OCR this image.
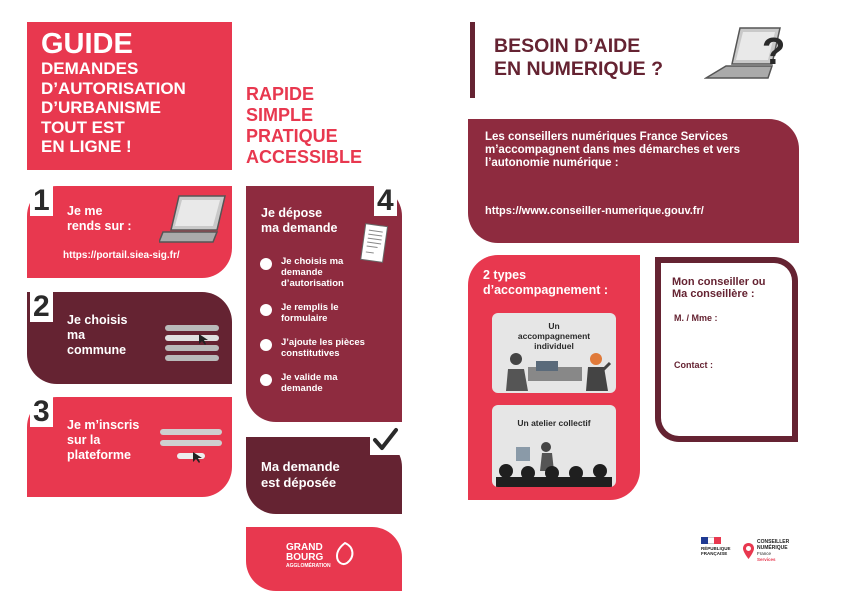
GUIDE
DEMANDES
D’AUTORISATION
D’URBANISME
TOUT EST
EN LIGNE !
RAPIDE
SIMPLE
PRATIQUE
ACCESSIBLE
Je me
rends sur :
https://portail.siea-sig.fr/
1
Je choisis
ma
commune
2
Je m’inscris
sur la
plateforme
3
Je dépose
ma demande
Je choisis ma
demande
d’autorisation
Je remplis le
formulaire
J’ajoute les pièces
constitutives
Je valide ma
demande
4
Ma demande
est déposée
GRAND
BOURG
AGGLOMÉRATION
BESOIN D’AIDE
EN NUMERIQUE ?	?
Les conseillers numériques France Services m’accompagnent dans mes démarches et vers l’autonomie numérique :
https://www.conseiller-numerique.gouv.fr/
2 types
d’accompagnement :
Un
accompagnement
individuel
Un atelier collectif
Mon conseiller ou
Ma conseillère :
M. / Mme :
Contact :
RÉPUBLIQUE
FRANÇAISE
CONSEILLER
NUMÉRIQUE
France
Services
